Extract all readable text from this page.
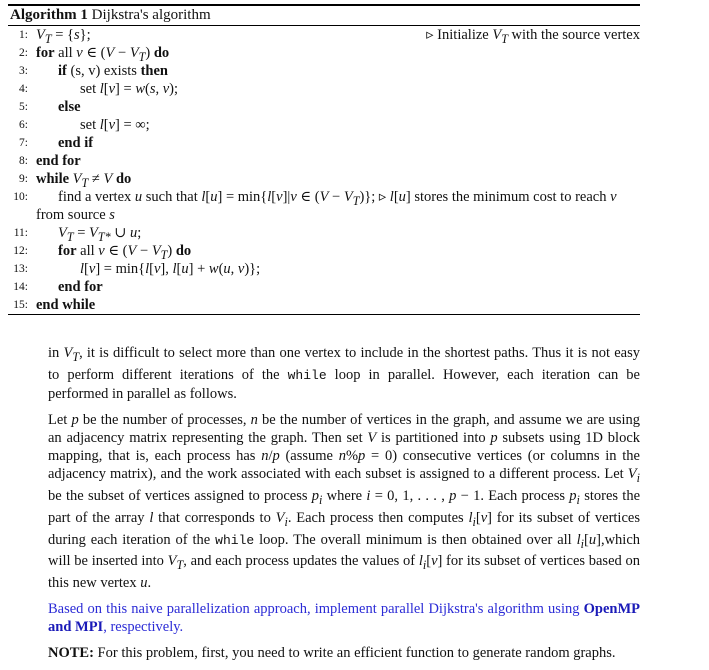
Algorithm 1 Dijkstra's algorithm
1: $V_T = \{s\}$;	▹ Initialize $V_T$ with the source vertex
2: for all v ∈ $(V - V_T)$ do
3: if (s, v) exists then
4:	set l[v] = w(s, v);
5: else
6:	set l[v] = ∞;
7: end if
8: end for
9: while $V_T \ne V$ do
10: find a vertex u such that l[u] = min{l[v]|v ∈ $(V - V_T)$}; ▹ l[u] stores the minimum cost to reach v
from source s
11: $V_T = V_{T*}$ ∪ u;
12: for all v ∈ $(V - V_T)$ do
13:	l[v] = min{l[v], l[u] + w(u, v)};
14: end for
15: end while

in $V_T$, it is difficult to select more than one vertex to include in the shortest paths. Thus it is not easy to perform different iterations of the while loop in parallel. However, each iteration can be performed in parallel as follows.

Let p be the number of processes, n be the number of vertices in the graph, and assume we are using an adjacency matrix representing the graph. Then set V is partitioned into p subsets using 1D block mapping, that is, each process has n/p (assume n%p = 0) consecutive vertices (or columns in the adjacency matrix), and the work associated with each subset is assigned to a different process. Let $V_i$ be the subset of vertices assigned to process $p_i$ where i = 0, 1, . . . , p − 1. Each process $p_i$ stores the part of the array l that corresponds to $V_i$. Each process then computes $l_i[v]$ for its subset of vertices during each iteration of the while loop. The overall minimum is then obtained over all $l_i[u],which$ will be inserted into $V_T$, and each process updates the values of $l_i[v]$ for its subset of vertices based on this new vertex u.

Based on this naive parallelization approach, implement parallel Dijkstra's algorithm using OpenMP and MPI, respectively.

NOTE: For this problem, first, you need to write an efficient function to generate random graphs.
